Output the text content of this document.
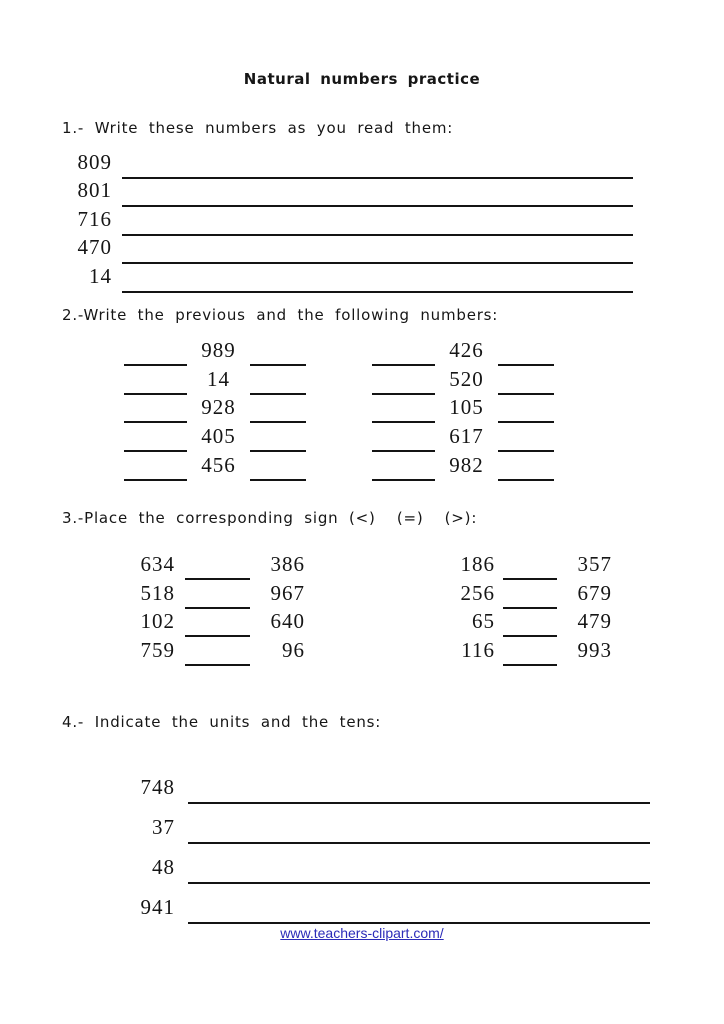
Natural numbers practice
1.- Write these numbers as you read them:
809
801
716
470
14
2.-Write the previous and the following numbers:
989
14
928
405
456
426
520
105
617
982
3.-Place the corresponding sign (<)  (=)  (>):
634	386
518	967
102	640
759	96
186	357
256	679
65	479
116	993
4.- Indicate the units and the tens:
748
37
48
941
www.teachers-clipart.com/
